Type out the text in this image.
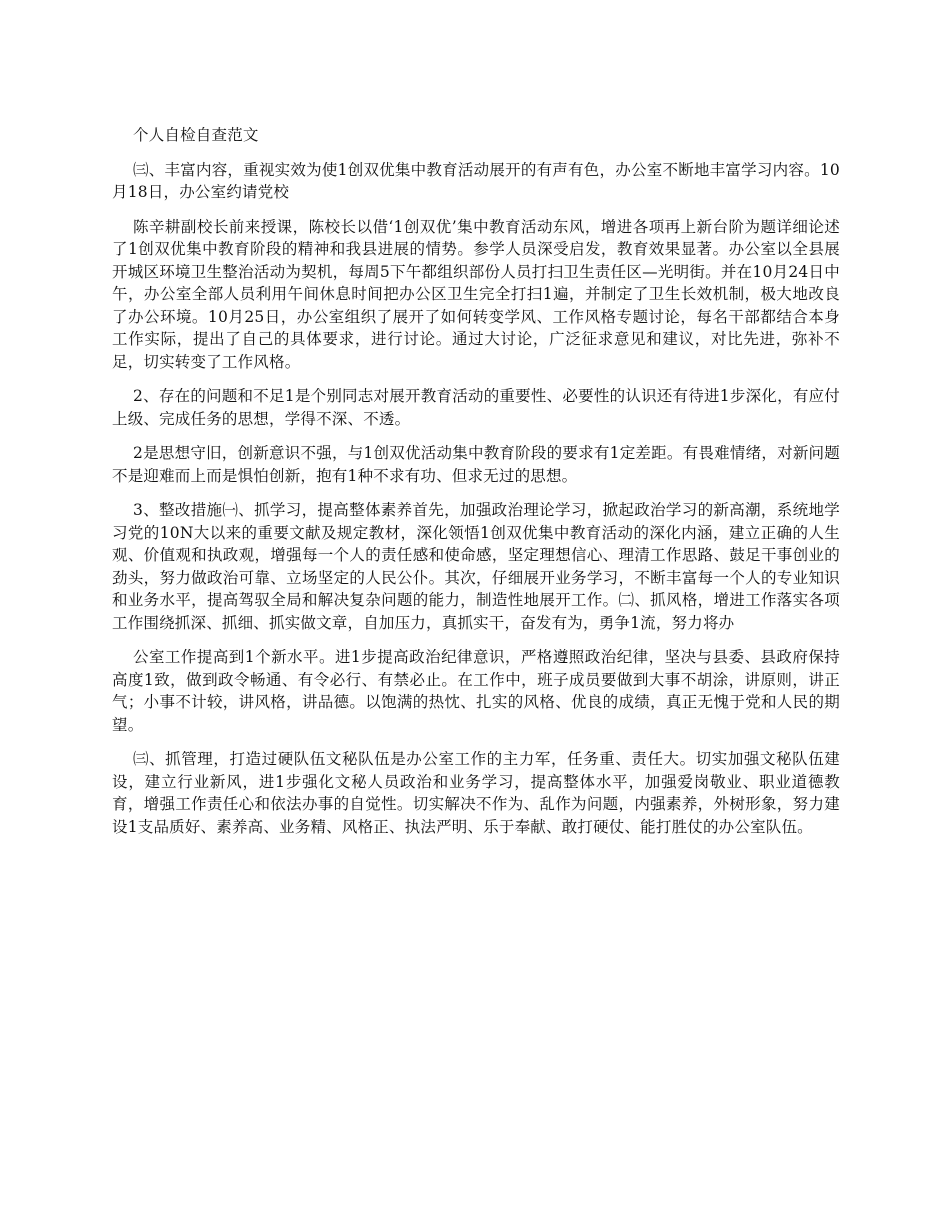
个人自检自查范文

㈢、丰富内容，重视实效为使1创双优集中教育活动展开的有声有色，办公室不断地丰富学习内容。10月18日，办公室约请党校

陈辛耕副校长前来授课，陈校长以借‘1创双优’集中教育活动东风，增进各项再上新台阶为题详细论述了1创双优集中教育阶段的精神和我县进展的情势。参学人员深受启发，教育效果显著。办公室以全县展开城区环境卫生整治活动为契机，每周5下午都组织部份人员打扫卫生责任区—光明街。并在10月24日中午，办公室全部人员利用午间休息时间把办公区卫生完全打扫1遍，并制定了卫生长效机制，极大地改良了办公环境。10月25日，办公室组织了展开了如何转变学风、工作风格专题讨论，每名干部都结合本身工作实际，提出了自己的具体要求，进行讨论。通过大讨论，广泛征求意见和建议，对比先进，弥补不足，切实转变了工作风格。

2、存在的问题和不足1是个别同志对展开教育活动的重要性、必要性的认识还有待进1步深化，有应付上级、完成任务的思想，学得不深、不透。

2是思想守旧，创新意识不强，与1创双优活动集中教育阶段的要求有1定差距。有畏难情绪，对新问题不是迎难而上而是惧怕创新，抱有1种不求有功、但求无过的思想。

3、整改措施㈠、抓学习，提高整体素养首先，加强政治理论学习，掀起政治学习的新高潮，系统地学习党的10N大以来的重要文献及规定教材，深化领悟1创双优集中教育活动的深化内涵，建立正确的人生观、价值观和执政观，增强每一个人的责任感和使命感，坚定理想信心、理清工作思路、鼓足干事创业的劲头，努力做政治可靠、立场坚定的人民公仆。其次，仔细展开业务学习，不断丰富每一个人的专业知识和业务水平，提高驾驭全局和解决复杂问题的能力，制造性地展开工作。㈡、抓风格，增进工作落实各项工作围绕抓深、抓细、抓实做文章，自加压力，真抓实干，奋发有为，勇争1流，努力将办

公室工作提高到1个新水平。进1步提高政治纪律意识，严格遵照政治纪律，坚决与县委、县政府保持高度1致，做到政令畅通、有令必行、有禁必止。在工作中，班子成员要做到大事不胡涂，讲原则，讲正气；小事不计较，讲风格，讲品德。以饱满的热忱、扎实的风格、优良的成绩，真正无愧于党和人民的期望。

㈢、抓管理，打造过硬队伍文秘队伍是办公室工作的主力军，任务重、责任大。切实加强文秘队伍建设，建立行业新风，进1步强化文秘人员政治和业务学习，提高整体水平，加强爱岗敬业、职业道德教育，增强工作责任心和依法办事的自觉性。切实解决不作为、乱作为问题，内强素养，外树形象，努力建设1支品质好、素养高、业务精、风格正、执法严明、乐于奉献、敢打硬仗、能打胜仗的办公室队伍。
